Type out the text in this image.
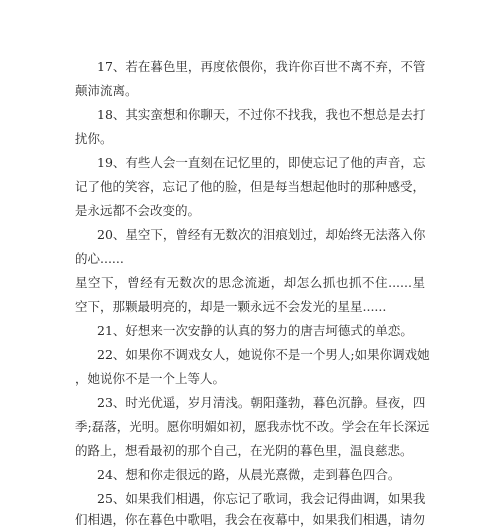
17、若在暮色里，再度依偎你，我许你百世不离不弃，不管
颠沛流离。
18、其实蛮想和你聊天，不过你不找我，我也不想总是去打
扰你。
19、有些人会一直刻在记忆里的，即使忘记了他的声音，忘
记了他的笑容，忘记了他的脸，但是每当想起他时的那种感受，
是永远都不会改变的。
20、星空下，曾经有无数次的泪痕划过，却始终无法落入你
的心......
星空下，曾经有无数次的思念流逝，却怎么抓也抓不住......星
空下，那颗最明亮的，却是一颗永远不会发光的星星......
21、好想来一次安静的认真的努力的唐吉坷德式的单恋。
22、如果你不调戏女人，她说你不是一个男人;如果你调戏她
，她说你不是一个上等人。
23、时光优遥，岁月清浅。朝阳蓬勃，暮色沉静。昼夜，四
季;磊落，光明。愿你明媚如初，愿我赤忱不改。学会在年长深远
的路上，想看最初的那个自己，在光阴的暮色里，温良慈悲。
24、想和你走很远的路，从晨光熹微，走到暮色四合。
25、如果我们相遇，你忘记了歌词，我会记得曲调，如果我
们相遇，你在暮色中歌唱，我会在夜幕中，如果我们相遇，请勿
